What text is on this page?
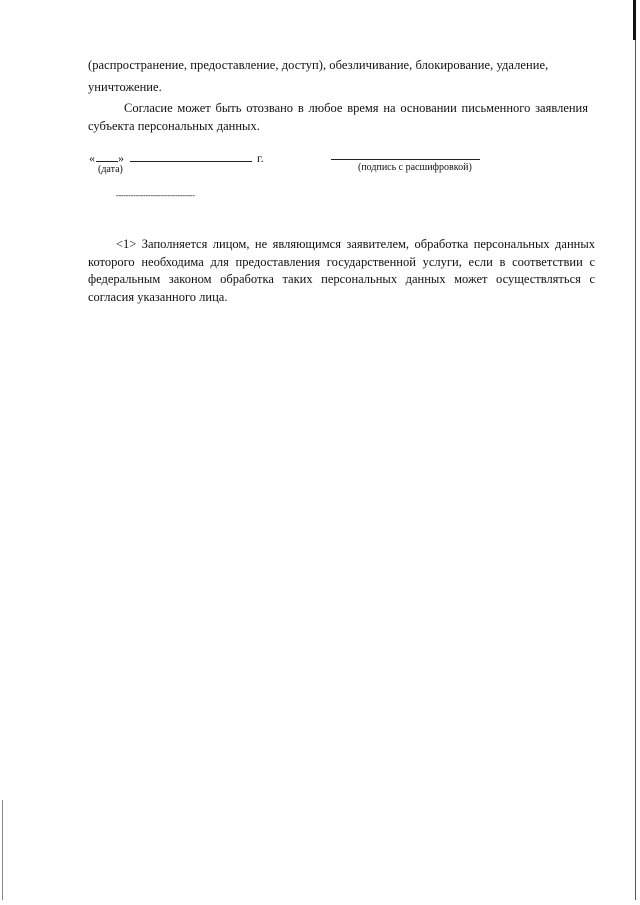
(распространение, предоставление, доступ), обезличивание, блокирование, удаление,
уничтожение.
Согласие может быть отозвано в любое время на основании письменного заявления субъекта персональных данных.
« »	г.
(дата)	(подпись с расшифровкой)
--------------------------------
<1> Заполняется лицом, не являющимся заявителем, обработка персональных данных которого необходима для предоставления государственной услуги, если в соответствии с федеральным законом обработка таких персональных данных может осуществляться с согласия указанного лица.
